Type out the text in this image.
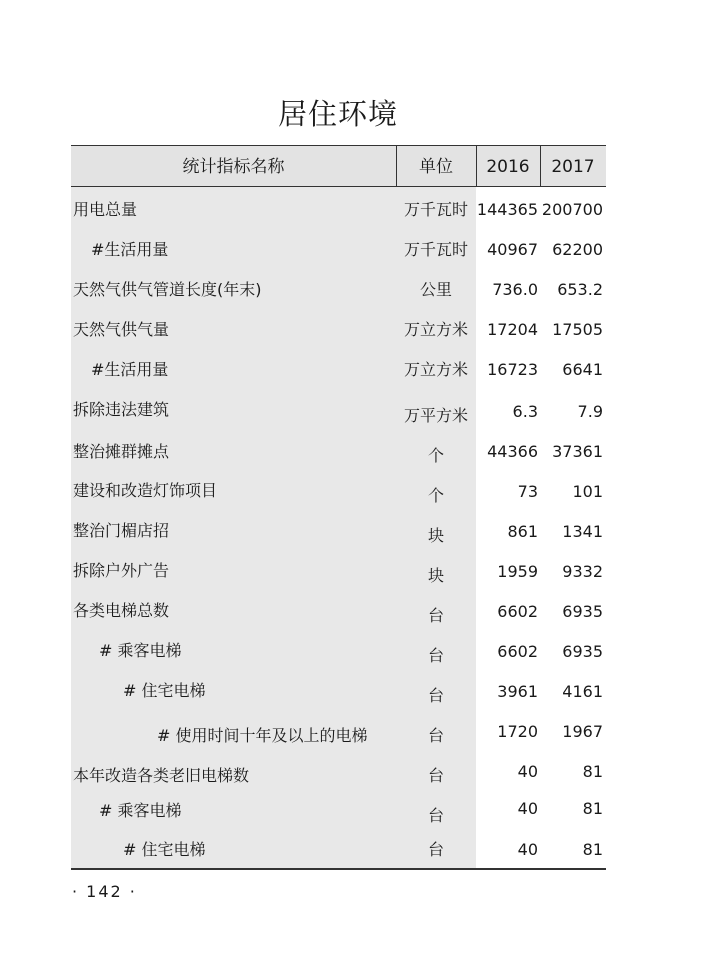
居住环境
统计指标名称	单位	2016	2017
用电总量	万千瓦时 144365 200700
#生活用量	万千瓦时	40967 62200
天然气供气管道长度(年末)	公里	736.0	653.2
天然气供气量	万立方米	17204 17505
#生活用量	万立方米	16723	6641
拆除违法建筑	万平方米	6.3	7.9
整治摊群摊点	个	44366 37361
建设和改造灯饰项目	个	73	101
整治门楣店招	块	861	1341
拆除户外广告	块	1959	9332
各类电梯总数	台	6602	6935
# 乘客电梯	台	6602	6935
# 住宅电梯	台	3961	4161
# 使用时间十年及以上的电梯	台	1720	1967
本年改造各类老旧电梯数	台	40	81
# 乘客电梯	台	40	81
# 住宅电梯	台	40	81
· 142 ·
